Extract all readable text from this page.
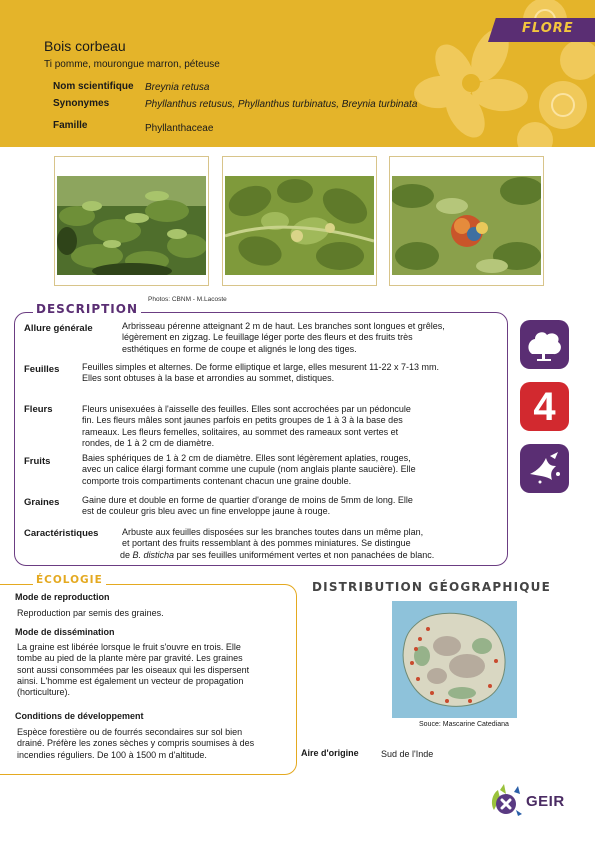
FLORE
Bois corbeau
Ti pomme, mourongue marron, péteuse
Nom scientifique Breynia retusa
Synonymes	Phyllanthus retusus, Phyllanthus turbinatus, Breynia turbinata
Famille	Phyllanthaceae
Photos: CBNM - M.Lacoste
DESCRIPTION
Allure générale	Arbrisseau pérenne atteignant 2 m de haut. Les branches sont longues et grêles,
légèrement en zigzag. Le feuillage léger porte des fleurs et des fruits très
esthétiques en forme de coupe et alignés le long des tiges.
Feuilles	Feuilles simples et alternes. De forme elliptique et large, elles mesurent 11-22 x 7-13 mm.
Elles sont obtuses à la base et arrondies au sommet, distiques.
Fleurs	Fleurs unisexuées à l'aisselle des feuilles. Elles sont accrochées par un pédoncule
fin. Les fleurs mâles sont jaunes parfois en petits groupes de 1 à 3 à la base des
rameaux. Les fleurs femelles, solitaires, au sommet des rameaux sont vertes et
rondes, de 1 à 2 cm de diamètre.
Fruits	Baies sphériques de 1 à 2 cm de diamètre. Elles sont légèrement aplaties, rouges,
avec un calice élargi formant comme une cupule (nom anglais plante saucière). Elle
comporte trois compartiments contenant chacun une graine double.
Graines	Gaine dure et double en forme de quartier d'orange de moins de 5mm de long. Elle
est de couleur gris bleu avec un fine enveloppe jaune à rouge.
Caractéristiques	Arbuste aux feuilles disposées sur les branches toutes dans un même plan,
et portant des fruits ressemblant à des pommes miniatures. Se distingue
de B. disticha par ses feuilles uniformément vertes et non panachées de blanc.
4
ÉCOLOGIE
Mode de reproduction
Reproduction par semis des graines.
Mode de dissémination
La graine est libérée lorsque le fruit s'ouvre en trois. Elle
tombe au pied de la plante mère par gravité. Les graines
sont aussi consommées par les oiseaux qui les dispersent
ainsi. L'homme est également un vecteur de propagation
(horticulture).
Conditions de développement
Espèce forestière ou de fourrés secondaires sur sol bien
drainé. Préfère les zones sèches y compris soumises à des
incendies réguliers. De 100 à 1500 m d'altitude.
DISTRIBUTION GÉOGRAPHIQUE
Souce: Mascarine Catediana
Aire d'origine Sud de l'Inde
GEIR
